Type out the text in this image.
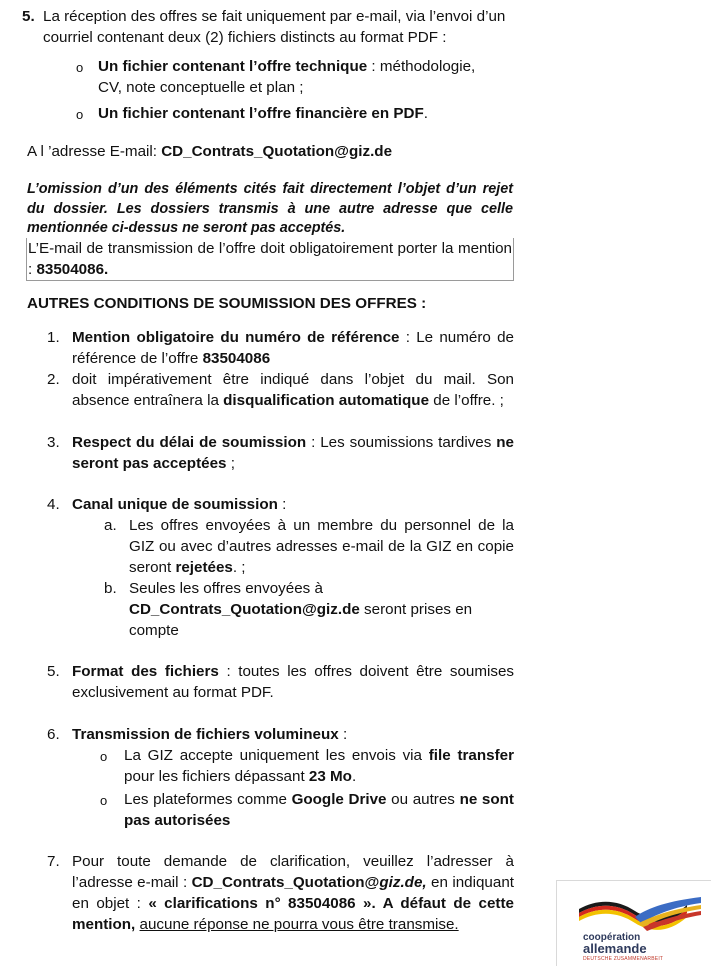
5. La réception des offres se fait uniquement par e-mail, via l’envoi d’un
courriel contenant deux (2) fichiers distincts au format PDF :
o Un fichier contenant l’offre technique : méthodologie,
CV, note conceptuelle et plan ;
o Un fichier contenant l’offre financière en PDF.
A l ’adresse E-mail: CD_Contrats_Quotation@giz.de
L’omission d’un des éléments cités fait directement l’objet d’un rejet du dossier. Les dossiers transmis à une autre adresse que celle mentionnée ci-dessus ne seront pas acceptés.
L’E-mail de transmission de l’offre doit obligatoirement porter la mention : 83504086.
AUTRES CONDITIONS DE SOUMISSION DES OFFRES :
1. Mention obligatoire du numéro de référence : Le numéro de référence de l’offre 83504086
2. doit impérativement être indiqué dans l’objet du mail. Son absence entraînera la disqualification automatique de l’offre. ;
3. Respect du délai de soumission : Les soumissions tardives ne seront pas acceptées ;
4. Canal unique de soumission :
a. Les offres envoyées à un membre du personnel de la GIZ ou avec d’autres adresses e-mail de la GIZ en copie seront rejetées. ;
b. Seules les offres envoyées à
CD_Contrats_Quotation@giz.de seront prises en compte
5. Format des fichiers : toutes les offres doivent être soumises exclusivement au format PDF.
6. Transmission de fichiers volumineux :
o	La GIZ accepte uniquement les envois via file transfer pour les fichiers dépassant 23 Mo.
o	Les plateformes comme Google Drive ou autres ne sont pas autorisées
7. Pour toute demande de clarification, veuillez l’adresser à l’adresse e-mail : CD_Contrats_Quotation@giz.de, en indiquant en objet : « clarifications n° 83504086 ». A défaut de cette mention, aucune réponse ne pourra vous être transmise.
coopération
allemande
DEUTSCHE ZUSAMMENARBEIT
